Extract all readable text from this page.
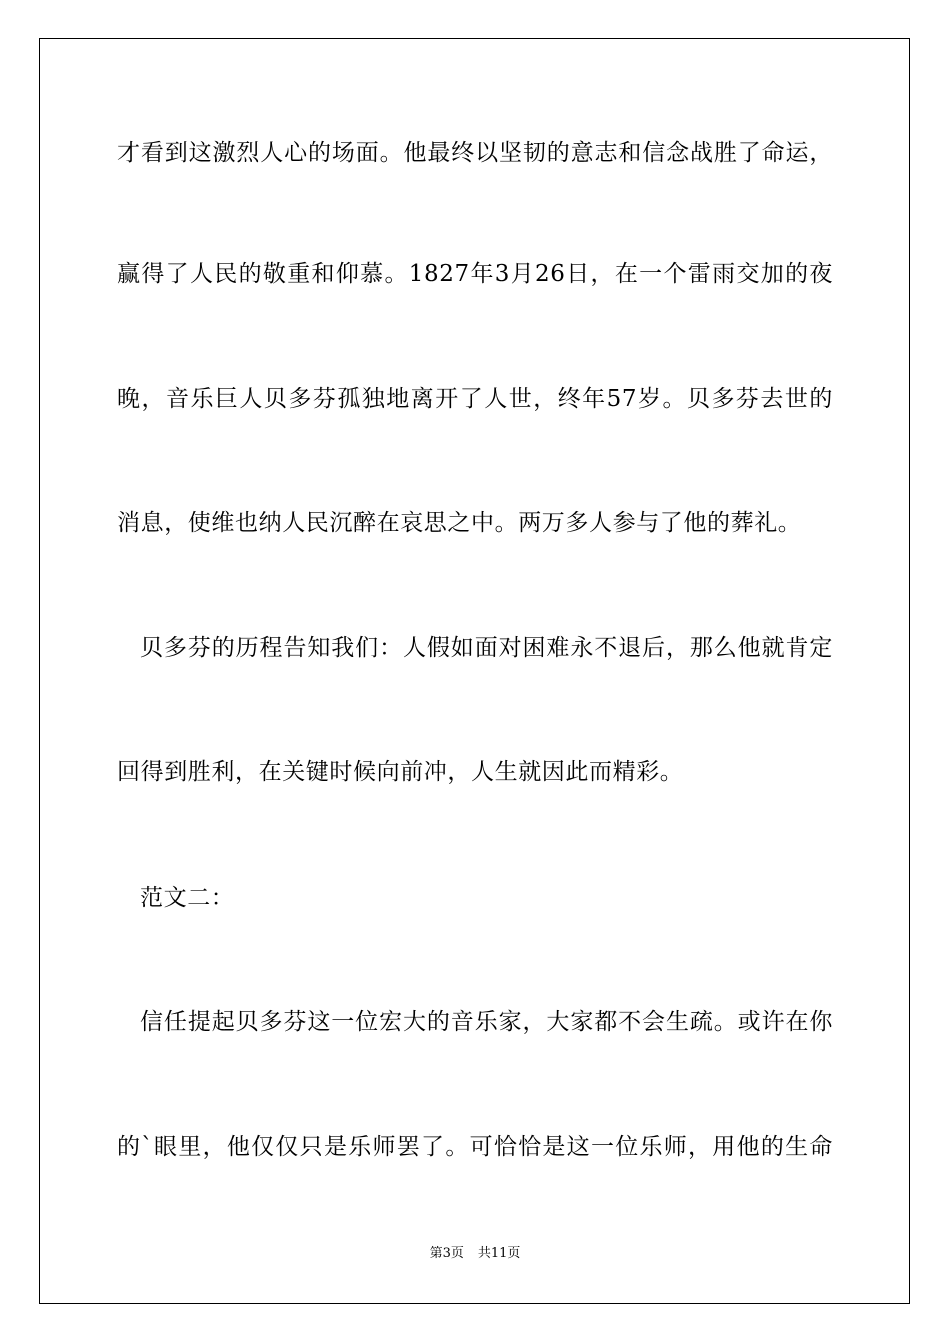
才看到这激烈人心的场面。他最终以坚韧的意志和信念战胜了命运，
赢得了人民的敬重和仰慕。1827年3月26日，在一个雷雨交加的夜
晚，音乐巨人贝多芬孤独地离开了人世，终年57岁。贝多芬去世的
消息，使维也纳人民沉醉在哀思之中。两万多人参与了他的葬礼。
贝多芬的历程告知我们：人假如面对困难永不退后，那么他就肯定
回得到胜利，在关键时候向前冲，人生就因此而精彩。
范文二：
信任提起贝多芬这一位宏大的音乐家，大家都不会生疏。或许在你
的`眼里，他仅仅只是乐师罢了。可恰恰是这一位乐师，用他的生命
第3页 共11页
